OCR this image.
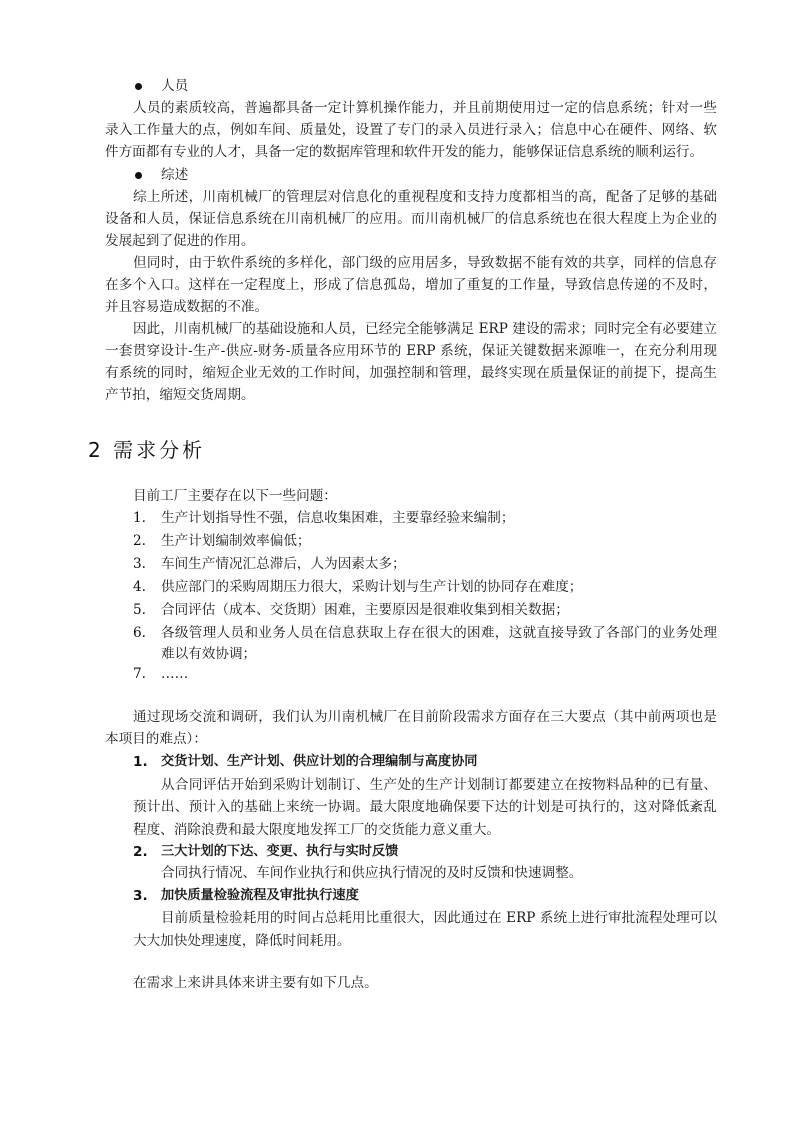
人员
人员的素质较高，普遍都具备一定计算机操作能力，并且前期使用过一定的信息系统；针对一些
录入工作量大的点，例如车间、质量处，设置了专门的录入员进行录入；信息中心在硬件、网络、软
件方面都有专业的人才，具备一定的数据库管理和软件开发的能力，能够保证信息系统的顺利运行。
综述
综上所述，川南机械厂的管理层对信息化的重视程度和支持力度都相当的高，配备了足够的基础
设备和人员，保证信息系统在川南机械厂的应用。而川南机械厂的信息系统也在很大程度上为企业的
发展起到了促进的作用。
但同时，由于软件系统的多样化，部门级的应用居多，导致数据不能有效的共享，同样的信息存
在多个入口。这样在一定程度上，形成了信息孤岛，增加了重复的工作量，导致信息传递的不及时，
并且容易造成数据的不准。
因此，川南机械厂的基础设施和人员，已经完全能够满足 ERP 建设的需求；同时完全有必要建立
一套贯穿设计-生产-供应-财务-质量各应用环节的 ERP 系统，保证关键数据来源唯一，在充分利用现
有系统的同时，缩短企业无效的工作时间，加强控制和管理，最终实现在质量保证的前提下，提高生
产节拍，缩短交货周期。
2 需求分析
目前工厂主要存在以下一些问题：
1. 生产计划指导性不强，信息收集困难，主要靠经验来编制；
2. 生产计划编制效率偏低；
3. 车间生产情况汇总滞后，人为因素太多；
4. 供应部门的采购周期压力很大，采购计划与生产计划的协同存在难度；
5. 合同评估（成本、交货期）困难，主要原因是很难收集到相关数据；
6. 各级管理人员和业务人员在信息获取上存在很大的困难，这就直接导致了各部门的业务处理
难以有效协调；
7. ……
通过现场交流和调研，我们认为川南机械厂在目前阶段需求方面存在三大要点（其中前两项也是
本项目的难点）：
1. 交货计划、生产计划、供应计划的合理编制与高度协同
从合同评估开始到采购计划制订、生产处的生产计划制订都要建立在按物料品种的已有量、
预计出、预计入的基础上来统一协调。最大限度地确保要下达的计划是可执行的，这对降低紊乱
程度、消除浪费和最大限度地发挥工厂的交货能力意义重大。
2. 三大计划的下达、变更、执行与实时反馈
合同执行情况、车间作业执行和供应执行情况的及时反馈和快速调整。
3. 加快质量检验流程及审批执行速度
目前质量检验耗用的时间占总耗用比重很大，因此通过在 ERP 系统上进行审批流程处理可以
大大加快处理速度，降低时间耗用。
在需求上来讲具体来讲主要有如下几点。
